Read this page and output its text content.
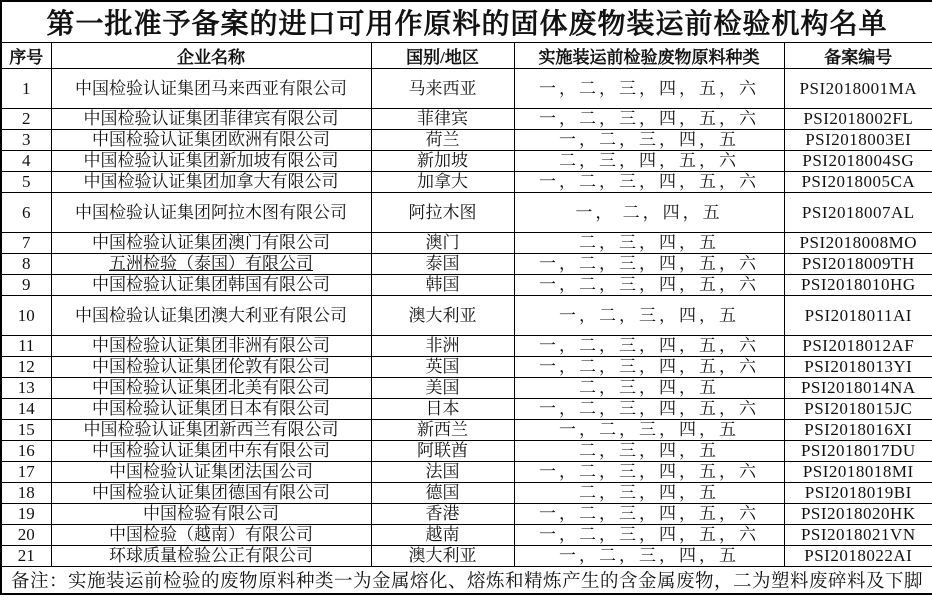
第一批准予备案的进口可用作原料的固体废物装运前检验机构名单				
序号	企业名称	国别/地区	实施装运前检验废物原料种类	备案编号
1	中国检验认证集团马来西亚有限公司	马来西亚	一，二，三，四，五，六	PSI2018001MA
2	中国检验认证集团菲律宾有限公司	菲律宾	一，二，三，四，五，六	PSI2018002FL
3	中国检验认证集团欧洲有限公司	荷兰	一，二，三，四，五	PSI2018003EI
4	中国检验认证集团新加坡有限公司	新加坡	二，三，四，五，六	PSI2018004SG
5	中国检验认证集团加拿大有限公司	加拿大	一，二，三，四，五，六	PSI2018005CA
6	中国检验认证集团阿拉木图有限公司	阿拉木图	一， 二，四，五	PSI2018007AL
7	中国检验认证集团澳门有限公司	澳门	二，三，四，五	PSI2018008MO
8	五洲检验（泰国）有限公司	泰国	一，二，三，四，五，六	PSI2018009TH
9	中国检验认证集团韩国有限公司	韩国	一，二，三，四，五，六	PSI2018010HG
10	中国检验认证集团澳大利亚有限公司	澳大利亚	一，二，三，四，五	PSI2018011AI
11	中国检验认证集团非洲有限公司	非洲	一，二，三，四，五，六	PSI2018012AF
12	中国检验认证集团伦敦有限公司	英国	一，二，三，四，五，六	PSI2018013YI
13	中国检验认证集团北美有限公司	美国	二，三，四，五	PSI2018014NA
14	中国检验认证集团日本有限公司	日本	一，二，三，四，五，六	PSI2018015JC
15	中国检验认证集团新西兰有限公司	新西兰	一，二，三，四，五	PSI2018016XI
16	中国检验认证集团中东有限公司	阿联酋	二，三，四，五	PSI2018017DU
17	中国检验认证集团法国公司	法国	一，二，三，四，五，六	PSI2018018MI
18	中国检验认证集团德国有限公司	德国	二，三，四，五	PSI2018019BI
19	中国检验有限公司	香港	一，二，三，四，五，六	PSI2018020HK
20	中国检验（越南）有限公司	越南	一，二，三，四，五，六	PSI2018021VN
21	环球质量检验公正有限公司	澳大利亚	一，二，三，四，五	PSI2018022AI
备注：实施装运前检验的废物原料种类一为金属熔化、熔炼和精炼产生的含金属废物，二为塑料废碎料及下脚				
